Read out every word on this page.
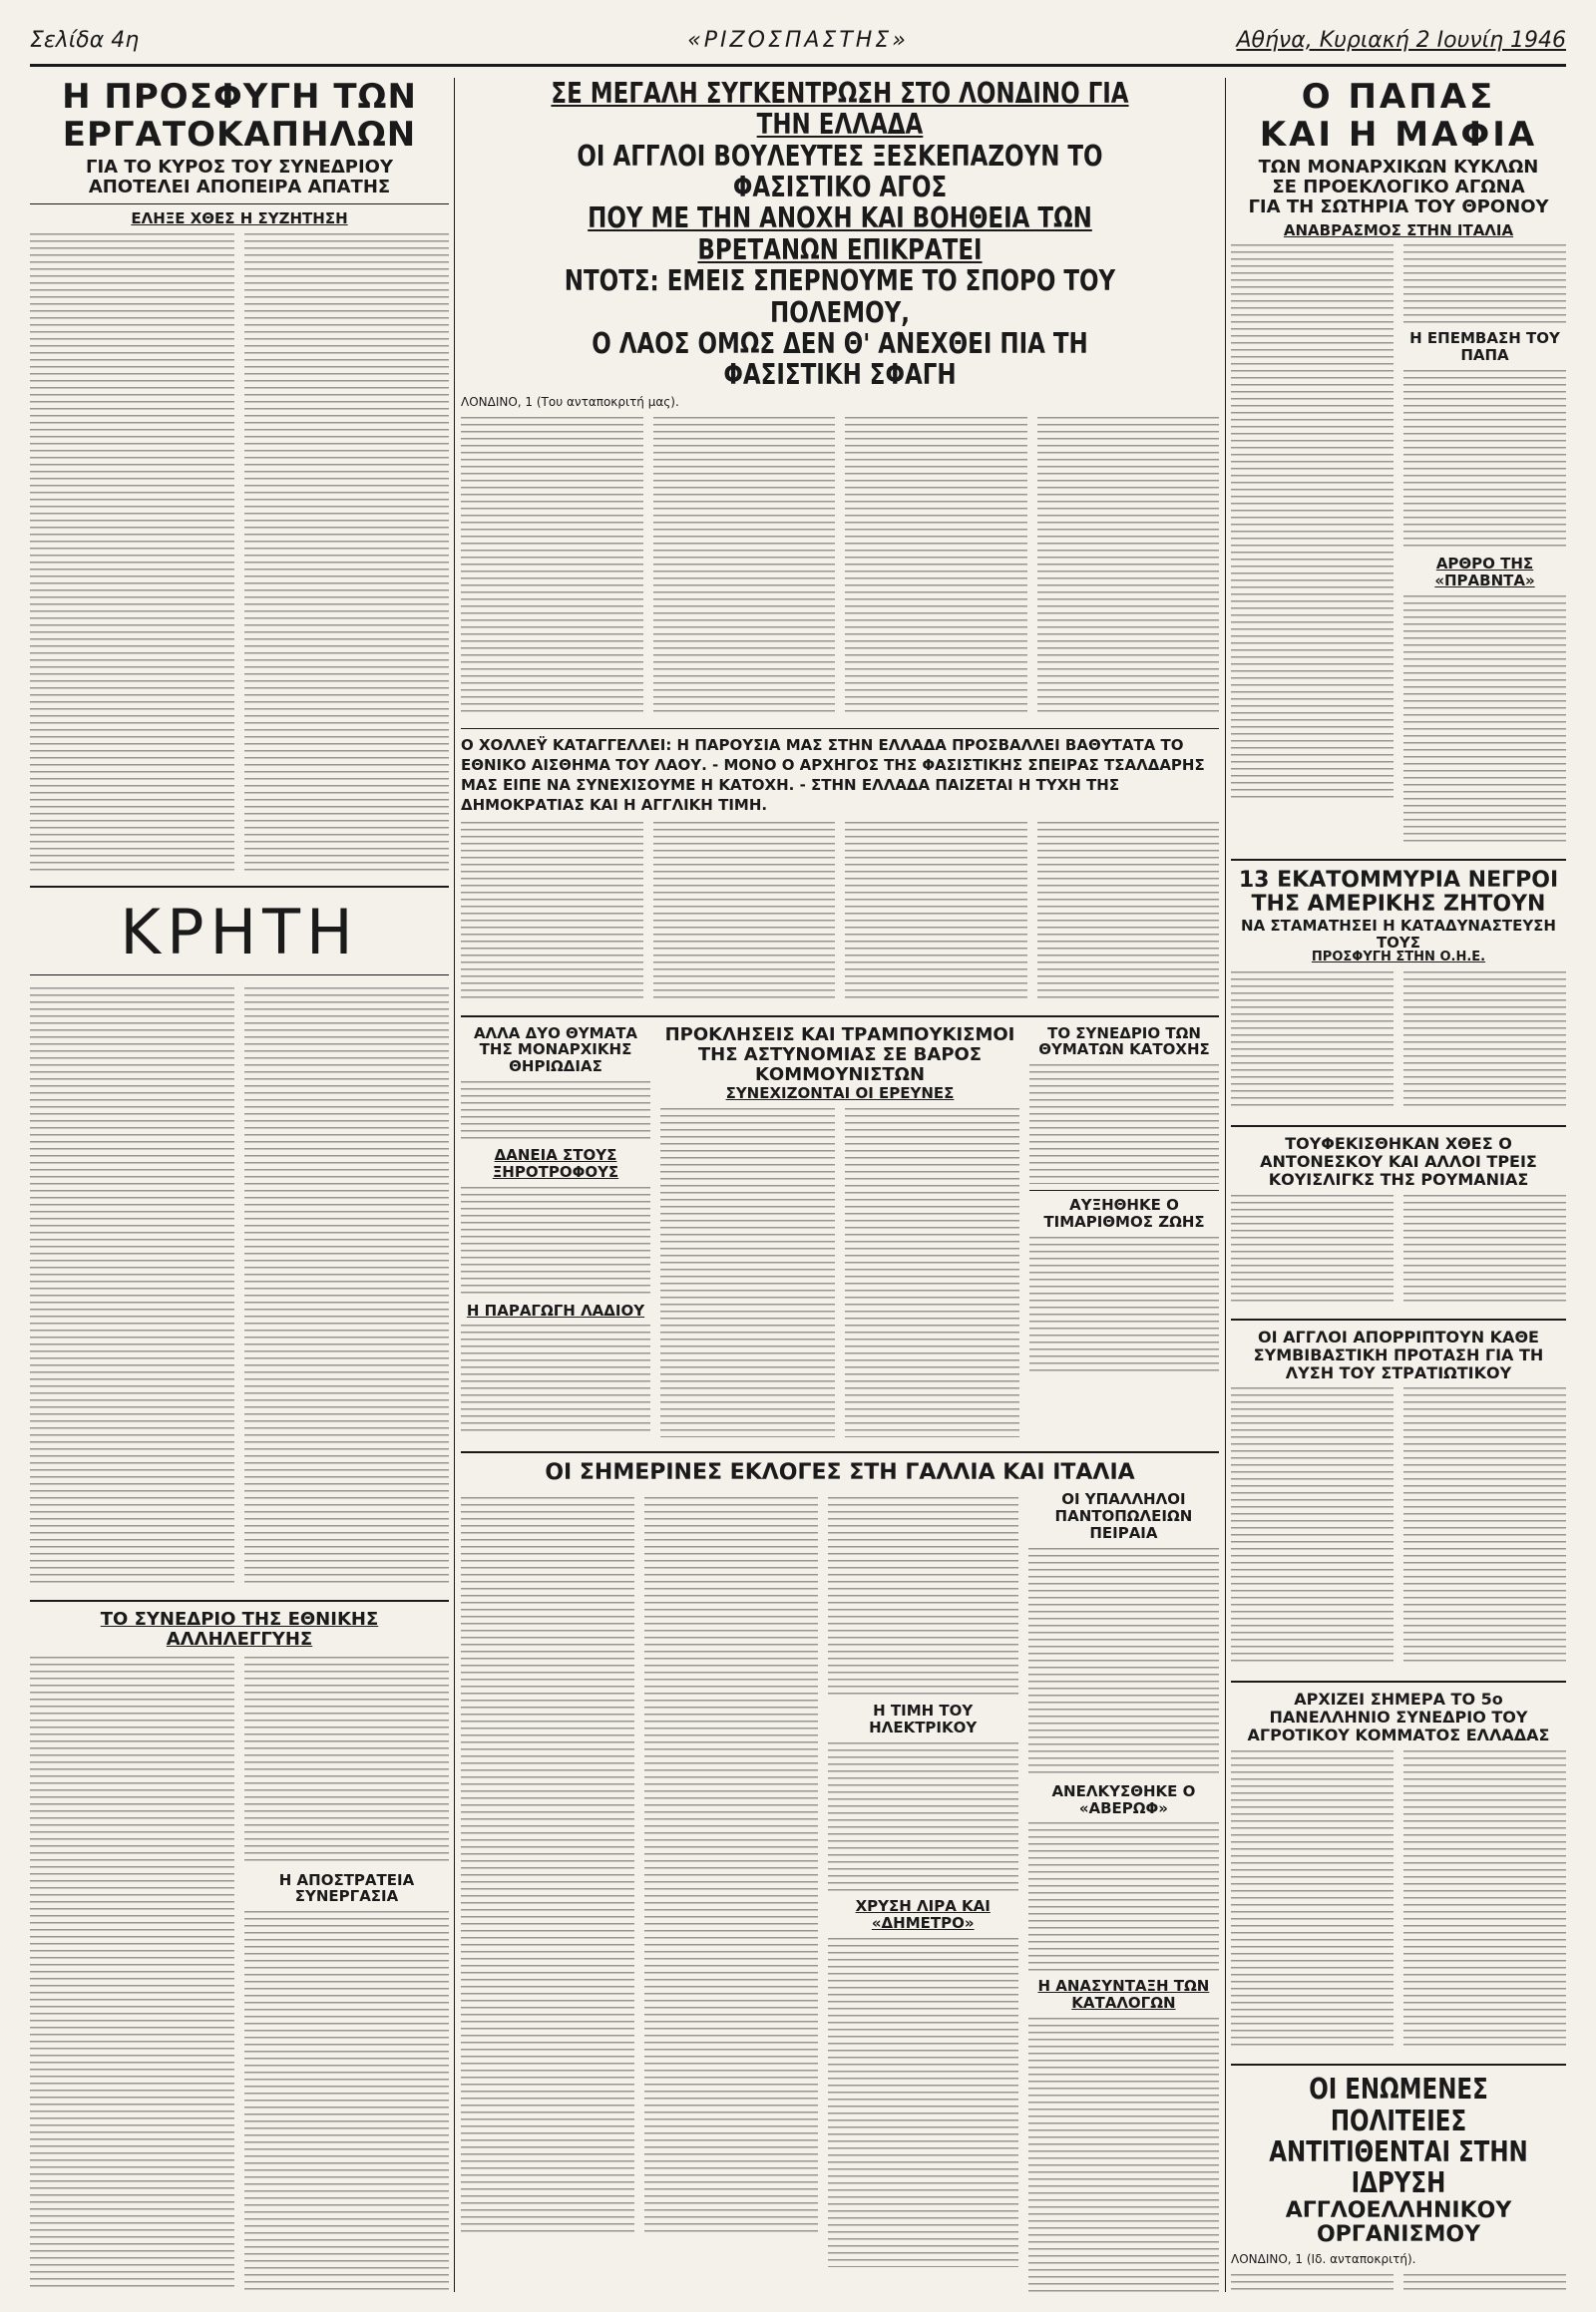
Σελίδα 4η	«ΡΙΖΟΣΠΑΣΤΗΣ»	Αθήνα, Κυριακή 2 Ιουνίη 1946
Η ΠΡΟΣΦΥΓΗ ΤΩΝ ΕΡΓΑΤΟΚΑΠΗΛΩΝ
ΓΙΑ ΤΟ ΚΥΡΟΣ ΤΟΥ ΣΥΝΕΔΡΙΟΥ
ΑΠΟΤΕΛΕΙ ΑΠΟΠΕΙΡΑ ΑΠΑΤΗΣ
ΕΛΗΞΕ ΧΘΕΣ Η ΣΥΖΗΤΗΣΗ
ΚΡΗΤΗ
ΤΟ ΣΥΝΕΔΡΙΟ ΤΗΣ ΕΘΝΙΚΗΣ ΑΛΛΗΛΕΓΓΥΗΣ
Η ΑΠΟΣΤΡΑΤΕΙΑ ΣΥΝΕΡΓΑΣΙΑ
ΣΕ ΜΕΓΑΛΗ ΣΥΓΚΕΝΤΡΩΣΗ ΣΤΟ ΛΟΝΔΙΝΟ ΓΙΑ ΤΗΝ ΕΛΛΑΔΑ
ΟΙ ΑΓΓΛΟΙ ΒΟΥΛΕΥΤΕΣ ΞΕΣΚΕΠΑΖΟΥΝ ΤΟ ΦΑΣΙΣΤΙΚΟ ΑΓΟΣ
ΠΟΥ ΜΕ ΤΗΝ ΑΝΟΧΗ ΚΑΙ ΒΟΗΘΕΙΑ ΤΩΝ ΒΡΕΤΑΝΩΝ ΕΠΙΚΡΑΤΕΙ
ΝΤΟΤΣ: ΕΜΕΙΣ ΣΠΕΡΝΟΥΜΕ ΤΟ ΣΠΟΡΟ ΤΟΥ ΠΟΛΕΜΟΥ,
Ο ΛΑΟΣ ΟΜΩΣ ΔΕΝ Θ' ΑΝΕΧΘΕΙ ΠΙΑ ΤΗ ΦΑΣΙΣΤΙΚΗ ΣΦΑΓΗ
ΛΟΝΔΙΝΟ, 1 (Του ανταποκριτή μας).
Ο ΧΟΛΛΕΫ ΚΑΤΑΓΓΕΛΛΕΙ: Η ΠΑΡΟΥΣΙΑ ΜΑΣ ΣΤΗΝ ΕΛΛΑΔΑ ΠΡΟΣΒΑΛΛΕΙ ΒΑΘΥΤΑΤΑ ΤΟ ΕΘΝΙΚΟ ΑΙΣΘΗΜΑ ΤΟΥ ΛΑΟΥ. - ΜΟΝΟ Ο ΑΡΧΗΓΟΣ ΤΗΣ ΦΑΣΙΣΤΙΚΗΣ ΣΠΕΙΡΑΣ ΤΣΑΛΔΑΡΗΣ ΜΑΣ ΕΙΠΕ ΝΑ ΣΥΝΕΧΙΣΟΥΜΕ Η ΚΑΤΟΧΗ. - ΣΤΗΝ ΕΛΛΑΔΑ ΠΑΙΖΕΤΑΙ Η ΤΥΧΗ ΤΗΣ ΔΗΜΟΚΡΑΤΙΑΣ ΚΑΙ Η ΑΓΓΛΙΚΗ ΤΙΜΗ.
ΑΛΛΑ ΔΥΟ ΘΥΜΑΤΑ ΤΗΣ ΜΟΝΑΡΧΙΚΗΣ ΘΗΡΙΩΔΙΑΣ
ΔΑΝΕΙΑ ΣΤΟΥΣ ΞΗΡΟΤΡΟΦΟΥΣ
Η ΠΑΡΑΓΩΓΗ ΛΑΔΙΟΥ
ΠΡΟΚΛΗΣΕΙΣ ΚΑΙ ΤΡΑΜΠΟΥΚΙΣΜΟΙ ΤΗΣ ΑΣΤΥΝΟΜΙΑΣ ΣΕ ΒΑΡΟΣ ΚΟΜΜΟΥΝΙΣΤΩΝ
ΣΥΝΕΧΙΖΟΝΤΑΙ ΟΙ ΕΡΕΥΝΕΣ
ΤΟ ΣΥΝΕΔΡΙΟ ΤΩΝ ΘΥΜΑΤΩΝ ΚΑΤΟΧΗΣ
ΑΥΞΗΘΗΚΕ Ο ΤΙΜΑΡΙΘΜΟΣ ΖΩΗΣ
ΟΙ ΣΗΜΕΡΙΝΕΣ ΕΚΛΟΓΕΣ ΣΤΗ ΓΑΛΛΙΑ ΚΑΙ ΙΤΑΛΙΑ
Η ΤΙΜΗ ΤΟΥ ΗΛΕΚΤΡΙΚΟΥ
ΧΡΥΣΗ ΛΙΡΑ ΚΑΙ «ΔΗΜΕΤΡΟ»
ΟΙ ΥΠΑΛΛΗΛΟΙ ΠΑΝΤΟΠΩΛΕΙΩΝ ΠΕΙΡΑΙΑ
ΑΝΕΛΚΥΣΘΗΚΕ Ο «ΑΒΕΡΩΦ»
Η ΑΝΑΣΥΝΤΑΞΗ ΤΩΝ ΚΑΤΑΛΟΓΩΝ
Ο ΠΑΠΑΣ
ΚΑΙ Η ΜΑΦΙΑ
ΤΩΝ ΜΟΝΑΡΧΙΚΩΝ ΚΥΚΛΩΝ
ΣΕ ΠΡΟΕΚΛΟΓΙΚΟ ΑΓΩΝΑ
ΓΙΑ ΤΗ ΣΩΤΗΡΙΑ ΤΟΥ ΘΡΟΝΟΥ
ΑΝΑΒΡΑΣΜΟΣ ΣΤΗΝ ΙΤΑΛΙΑ
Η ΕΠΕΜΒΑΣΗ ΤΟΥ ΠΑΠΑ
ΑΡΘΡΟ ΤΗΣ «ΠΡΑΒΝΤΑ»
13 ΕΚΑΤΟΜΜΥΡΙΑ ΝΕΓΡΟΙ
ΤΗΣ ΑΜΕΡΙΚΗΣ ΖΗΤΟΥΝ
ΝΑ ΣΤΑΜΑΤΗΣΕΙ Η ΚΑΤΑΔΥΝΑΣΤΕΥΣΗ ΤΟΥΣ
ΠΡΟΣΦΥΓΗ ΣΤΗΝ Ο.Η.Ε.
ΤΟΥΦΕΚΙΣΘΗΚΑΝ ΧΘΕΣ Ο ΑΝΤΟΝΕΣΚΟΥ ΚΑΙ ΑΛΛΟΙ ΤΡΕΙΣ ΚΟΥΙΣΛΙΓΚΣ ΤΗΣ ΡΟΥΜΑΝΙΑΣ
ΟΙ ΑΓΓΛΟΙ ΑΠΟΡΡΙΠΤΟΥΝ ΚΑΘΕ ΣΥΜΒΙΒΑΣΤΙΚΗ ΠΡΟΤΑΣΗ ΓΙΑ ΤΗ ΛΥΣΗ ΤΟΥ ΣΤΡΑΤΙΩΤΙΚΟΥ
ΑΡΧΙΖΕΙ ΣΗΜΕΡΑ ΤΟ 5ο ΠΑΝΕΛΛΗΝΙΟ ΣΥΝΕΔΡΙΟ ΤΟΥ ΑΓΡΟΤΙΚΟΥ ΚΟΜΜΑΤΟΣ ΕΛΛΑΔΑΣ
ΟΙ ΕΝΩΜΕΝΕΣ ΠΟΛΙΤΕΙΕΣ
ΑΝΤΙΤΙΘΕΝΤΑΙ ΣΤΗΝ ΙΔΡΥΣΗ
ΑΓΓΛΟΕΛΛΗΝΙΚΟΥ ΟΡΓΑΝΙΣΜΟΥ
ΛΟΝΔΙΝΟ, 1 (Ιδ. ανταποκριτή).
